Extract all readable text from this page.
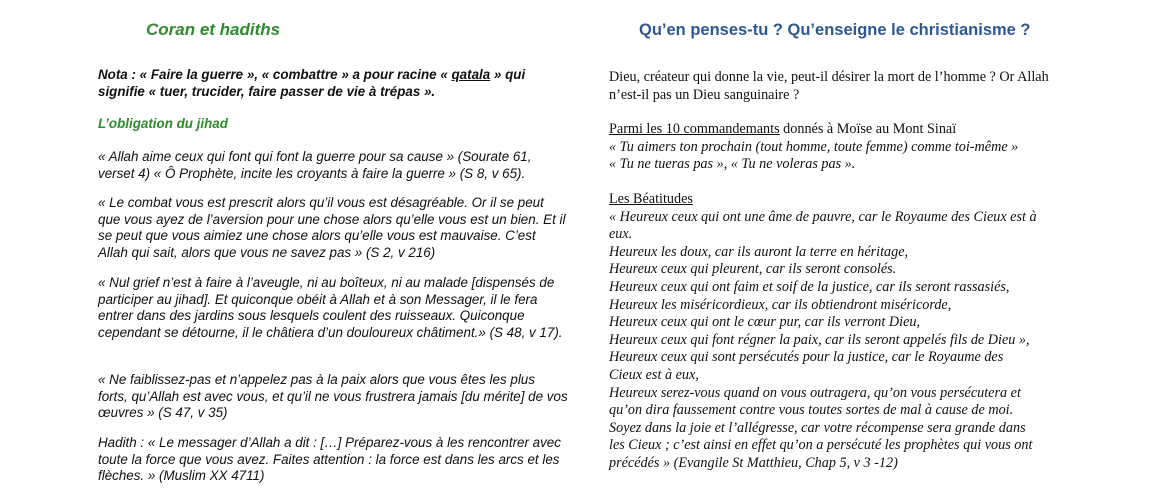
Coran et hadiths

Nota : « Faire la guerre », « combattre » a pour racine « qatala » qui signifie « tuer, trucider, faire passer de vie à trépas ».

L’obligation du jihad

« Allah aime ceux qui font qui font la guerre pour sa cause » (Sourate 61, verset 4) « Ô Prophète, incite les croyants à faire la guerre » (S 8, v 65).

« Le combat vous est prescrit alors qu’il vous est désagréable. Or il se peut que vous ayez de l’aversion pour une chose alors qu’elle vous est un bien. Et il se peut que vous aimiez une chose alors qu’elle vous est mauvaise. C’est Allah qui sait, alors que vous ne savez pas » (S 2, v 216)

« Nul grief n’est à faire à l’aveugle, ni au boîteux, ni au malade [dispensés de participer au jihad]. Et quiconque obéit à Allah et à son Messager, il le fera entrer dans des jardins sous lesquels coulent des ruisseaux. Quiconque cependant se détourne, il le châtiera d’un douloureux châtiment.» (S 48, v 17).

« Ne faiblissez-pas et n’appelez pas à la paix alors que vous êtes les plus forts, qu’Allah est avec vous, et qu’il ne vous frustrera jamais [du mérite] de vos œuvres » (S 47, v 35)

Hadith : « Le messager d’Allah a dit : […] Préparez-vous à les rencontrer avec toute la force que vous avez. Faites attention : la force est dans les arcs et les flèches. » (Muslim XX 4711)

Qu’en penses-tu ? Qu’enseigne le christianisme ?

Dieu, créateur qui donne la vie, peut-il désirer la mort de l’homme ? Or Allah n’est-il pas un Dieu sanguinaire ?

Parmi les 10 commandemants donnés à Moïse au Mont Sinaï
« Tu aimers ton prochain (tout homme, toute femme) comme toi-même »
« Tu ne tueras pas », « Tu ne voleras pas ».
Les Béatitudes
« Heureux ceux qui ont une âme de pauvre, car le Royaume des Cieux est à
eux.
Heureux les doux, car ils auront la terre en héritage,
Heureux ceux qui pleurent, car ils seront consolés.
Heureux ceux qui ont faim et soif de la justice, car ils seront rassasiés,
Heureux les miséricordieux, car ils obtiendront miséricorde,
Heureux ceux qui ont le cœur pur, car ils verront Dieu,
Heureux ceux qui font régner la paix, car ils seront appelés fils de Dieu »,
Heureux ceux qui sont persécutés pour la justice, car le Royaume des
Cieux est à eux,
Heureux serez-vous quand on vous outragera, qu’on vous persécutera et
qu’on dira faussement contre vous toutes sortes de mal à cause de moi.
Soyez dans la joie et l’allégresse, car votre récompense sera grande dans
les Cieux ; c’est ainsi en effet qu’on a persécuté les prophètes qui vous ont
précédés » (Evangile St Matthieu, Chap 5, v 3 -12)
